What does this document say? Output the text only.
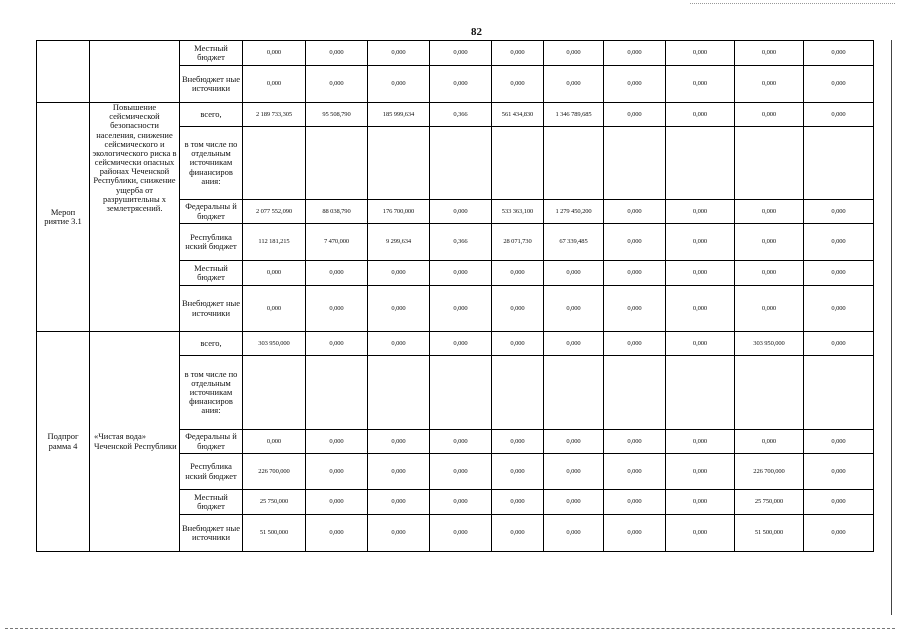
82
		Местный бюджет	0,000	0,000	0,000	0,000	0,000	0,000	0,000	0,000	0,000	0,000
		Внебюджет ные источники	0,000	0,000	0,000	0,000	0,000	0,000	0,000	0,000	0,000	0,000
Мероп риятие 3.1	Повышение сейсмической безопасности населения, снижение сейсмического и экологического риска в сейсмически опасных районах Чеченской Республики, снижение ущерба от разрушительны х землетрясений.	всего,	2 189 733,305	95 508,790	185 999,634	0,366	561 434,830	1 346 789,685	0,000	0,000	0,000	0,000
		в том числе по отдельным источникам финансиров ания:										
		Федеральны й бюджет	2 077 552,090	88 038,790	176 700,000	0,000	533 363,100	1 279 450,200	0,000	0,000	0,000	0,000
		Республика нский бюджет	112 181,215	7 470,000	9 299,634	0,366	28 071,730	67 339,485	0,000	0,000	0,000	0,000
		Местный бюджет	0,000	0,000	0,000	0,000	0,000	0,000	0,000	0,000	0,000	0,000
		Внебюджет ные источники	0,000	0,000	0,000	0,000	0,000	0,000	0,000	0,000	0,000	0,000
Подпрог рамма 4	«Чистая вода» Чеченской Республики	всего,	303 950,000	0,000	0,000	0,000	0,000	0,000	0,000	0,000	303 950,000	0,000
		в том числе по отдельным источникам финансиров ания:										
		Федеральны й бюджет	0,000	0,000	0,000	0,000	0,000	0,000	0,000	0,000	0,000	0,000
		Республика нский бюджет	226 700,000	0,000	0,000	0,000	0,000	0,000	0,000	0,000	226 700,000	0,000
		Местный бюджет	25 750,000	0,000	0,000	0,000	0,000	0,000	0,000	0,000	25 750,000	0,000
		Внебюджет ные источники	51 500,000	0,000	0,000	0,000	0,000	0,000	0,000	0,000	51 500,000	0,000
